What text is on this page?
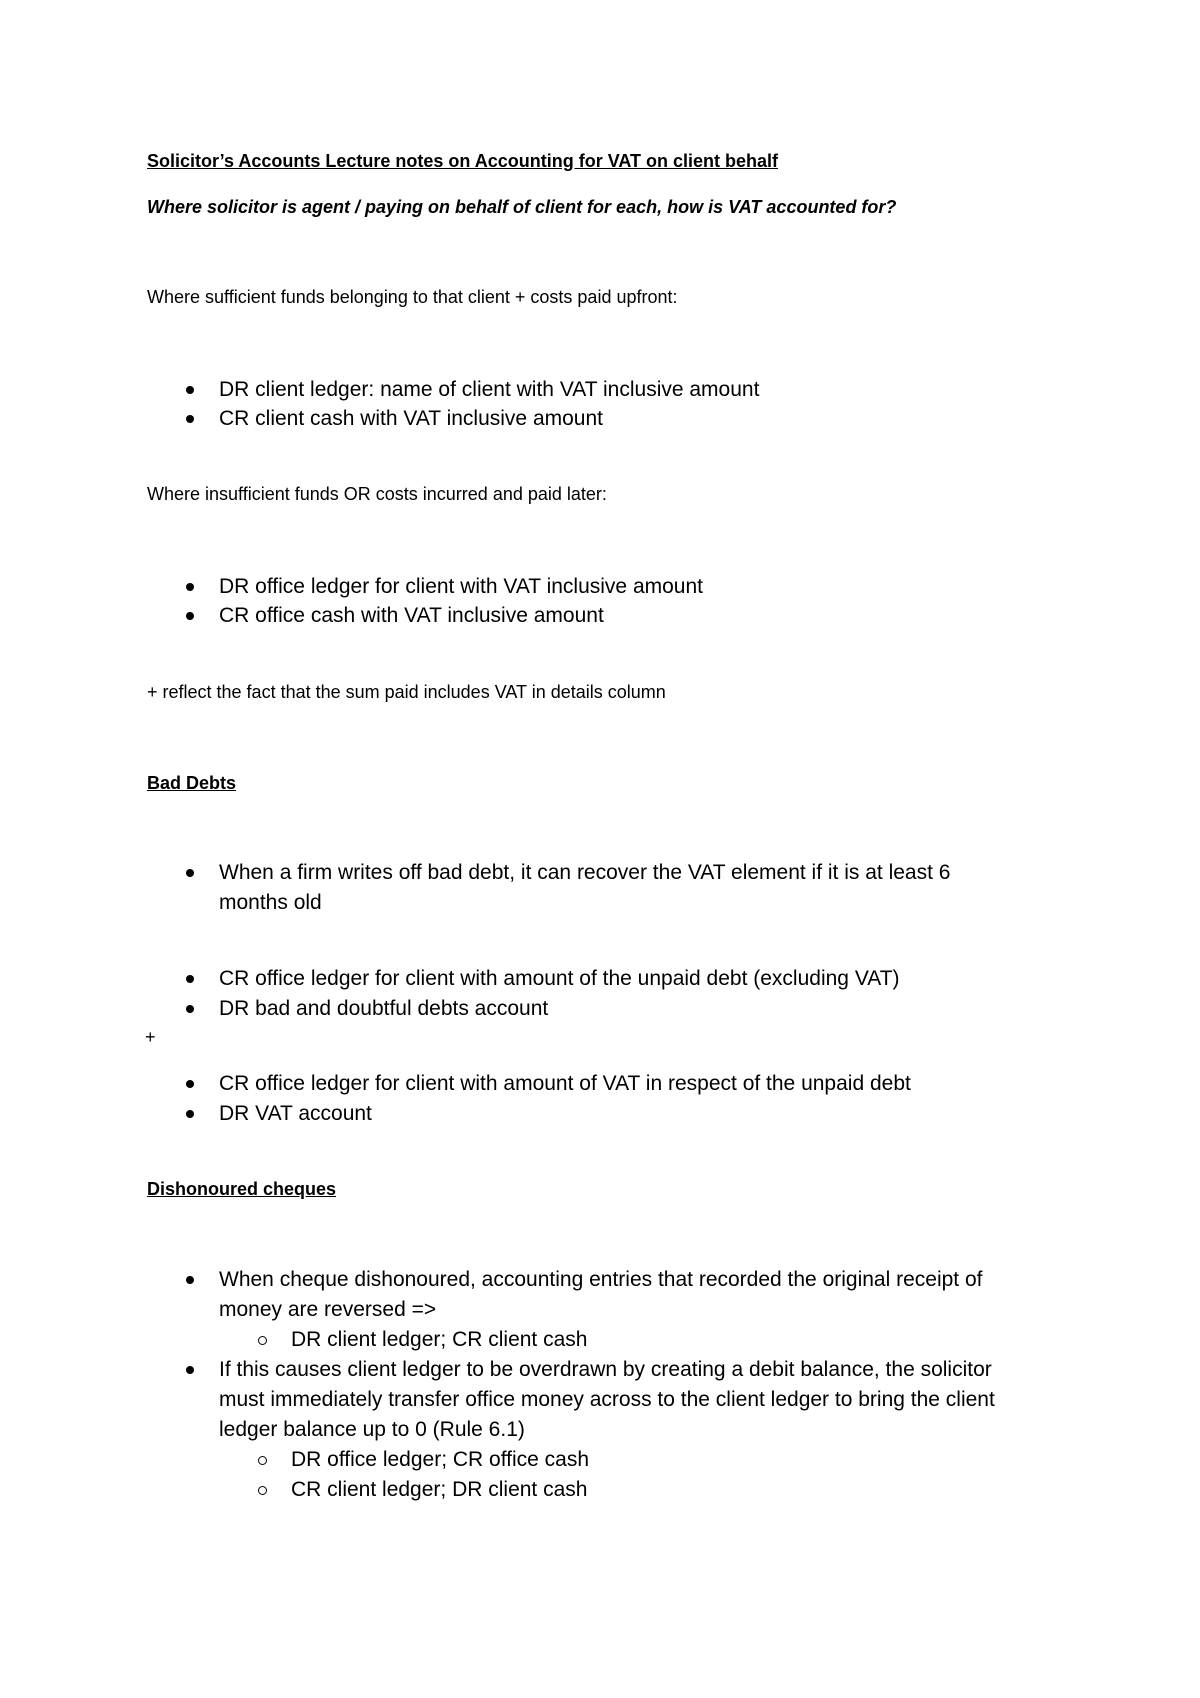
Solicitor’s Accounts Lecture notes on Accounting for VAT on client behalf
Where solicitor is agent / paying on behalf of client for each, how is VAT accounted for?
Where sufficient funds belonging to that client + costs paid upfront:
DR client ledger: name of client with VAT inclusive amount
CR client cash with VAT inclusive amount
Where insufficient funds OR costs incurred and paid later:
DR office ledger for client with VAT inclusive amount
CR office cash with VAT inclusive amount
+ reflect the fact that the sum paid includes VAT in details column
Bad Debts
When a firm writes off bad debt, it can recover the VAT element if it is at least 6
months old
CR office ledger for client with amount of the unpaid debt (excluding VAT)
DR bad and doubtful debts account
+
CR office ledger for client with amount of VAT in respect of the unpaid debt
DR VAT account
Dishonoured cheques
When cheque dishonoured, accounting entries that recorded the original receipt of
money are reversed =>
DR client ledger; CR client cash
If this causes client ledger to be overdrawn by creating a debit balance, the solicitor
must immediately transfer office money across to the client ledger to bring the client
ledger balance up to 0 (Rule 6.1)
DR office ledger; CR office cash
CR client ledger; DR client cash
